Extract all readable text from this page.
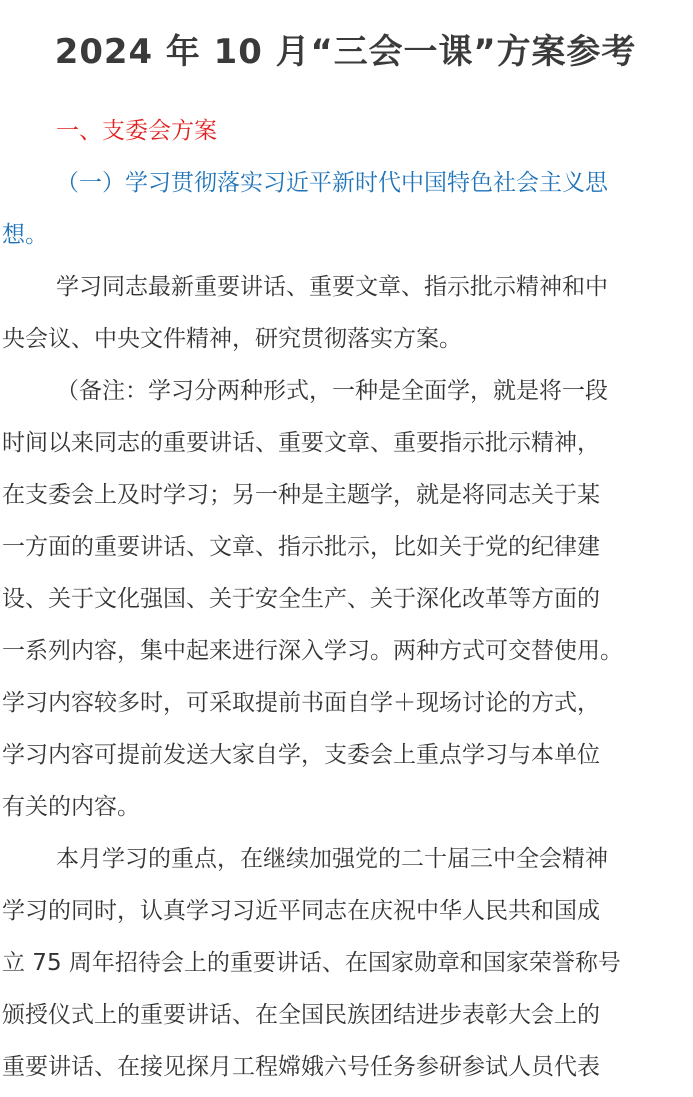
2024 年 10 月“三会一课”方案参考
一、支委会方案
（一）学习贯彻落实习近平新时代中国特色社会主义思
想。
学习同志最新重要讲话、重要文章、指示批示精神和中
央会议、中央文件精神，研究贯彻落实方案。
（备注：学习分两种形式，一种是全面学，就是将一段
时间以来同志的重要讲话、重要文章、重要指示批示精神，
在支委会上及时学习；另一种是主题学，就是将同志关于某
一方面的重要讲话、文章、指示批示，比如关于党的纪律建
设、关于文化强国、关于安全生产、关于深化改革等方面的
一系列内容，集中起来进行深入学习。两种方式可交替使用。
学习内容较多时，可采取提前书面自学＋现场讨论的方式，
学习内容可提前发送大家自学，支委会上重点学习与本单位
有关的内容。
本月学习的重点，在继续加强党的二十届三中全会精神
学习的同时，认真学习习近平同志在庆祝中华人民共和国成
立 75 周年招待会上的重要讲话、在国家勋章和国家荣誉称号
颁授仪式上的重要讲话、在全国民族团结进步表彰大会上的
重要讲话、在接见探月工程嫦娥六号任务参研参试人员代表
